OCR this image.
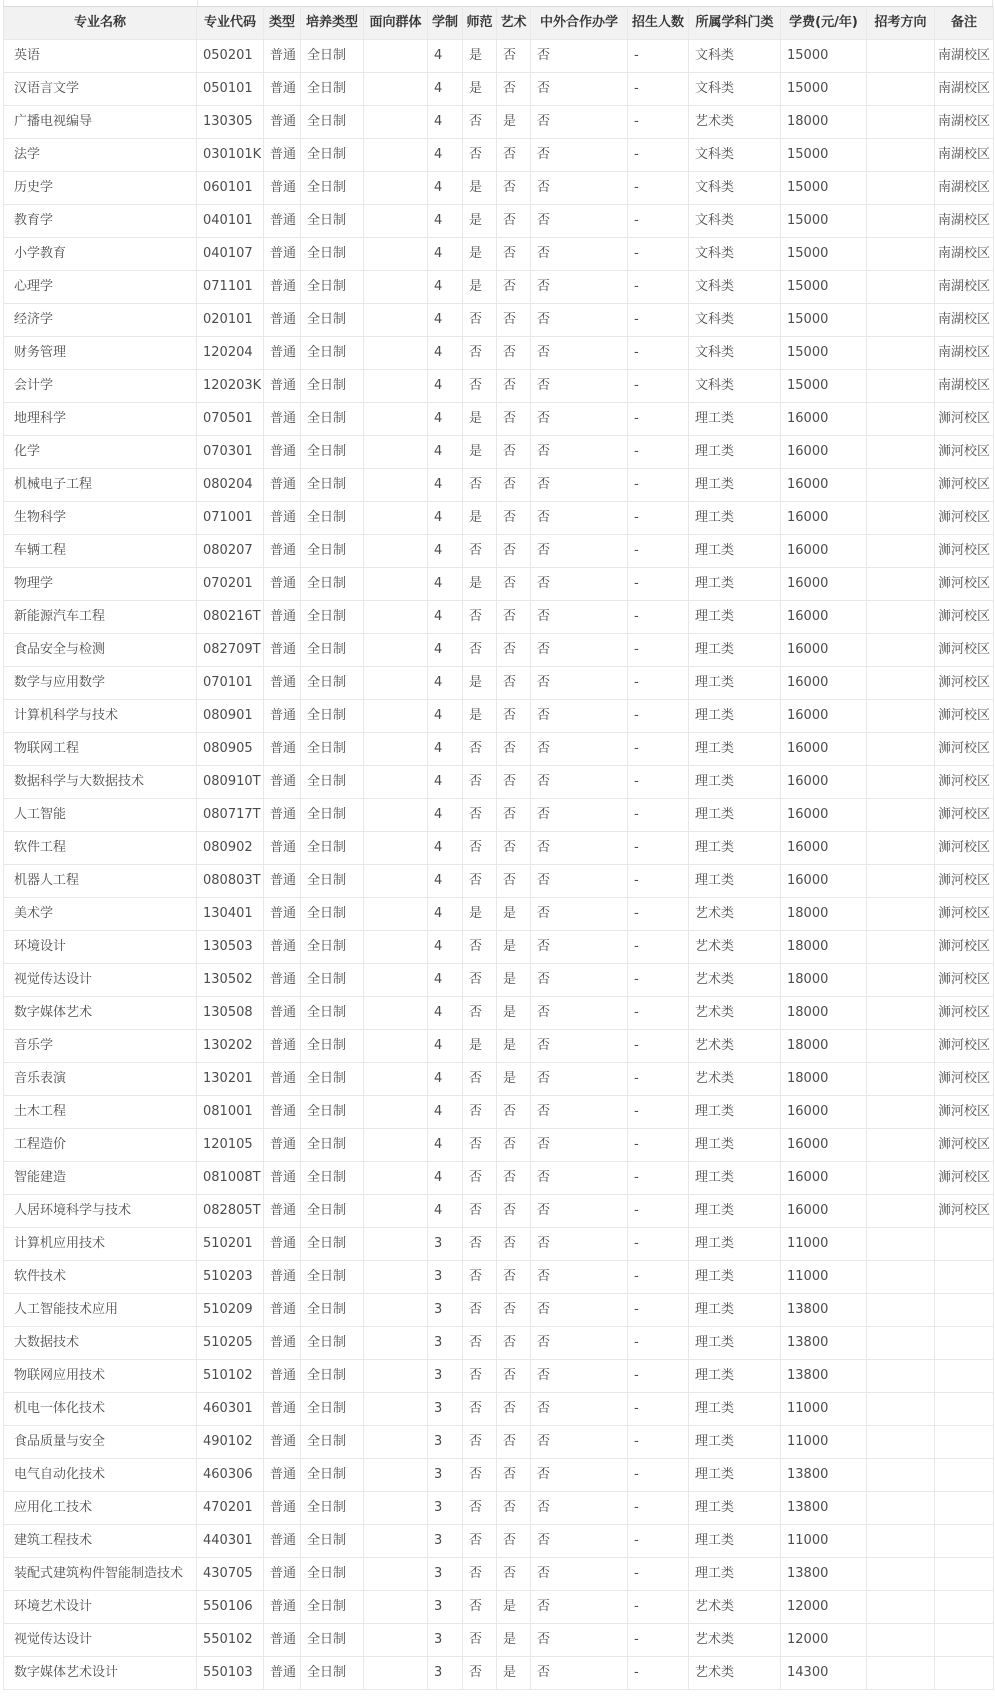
专业名称	专业代码	类型	培养类型	面向群体	学制	师范	艺术	中外合作办学	招生人数	所属学科门类	学费(元/年)	招考方向	备注
英语	050201	普通	全日制		4	是	否	否	-	文科类	15000		南湖校区
汉语言文学	050101	普通	全日制		4	是	否	否	-	文科类	15000		南湖校区
广播电视编导	130305	普通	全日制		4	否	是	否	-	艺术类	18000		南湖校区
法学	030101K	普通	全日制		4	否	否	否	-	文科类	15000		南湖校区
历史学	060101	普通	全日制		4	是	否	否	-	文科类	15000		南湖校区
教育学	040101	普通	全日制		4	是	否	否	-	文科类	15000		南湖校区
小学教育	040107	普通	全日制		4	是	否	否	-	文科类	15000		南湖校区
心理学	071101	普通	全日制		4	是	否	否	-	文科类	15000		南湖校区
经济学	020101	普通	全日制		4	否	否	否	-	文科类	15000		南湖校区
财务管理	120204	普通	全日制		4	否	否	否	-	文科类	15000		南湖校区
会计学	120203K	普通	全日制		4	否	否	否	-	文科类	15000		南湖校区
地理科学	070501	普通	全日制		4	是	否	否	-	理工类	16000		浉河校区
化学	070301	普通	全日制		4	是	否	否	-	理工类	16000		浉河校区
机械电子工程	080204	普通	全日制		4	否	否	否	-	理工类	16000		浉河校区
生物科学	071001	普通	全日制		4	是	否	否	-	理工类	16000		浉河校区
车辆工程	080207	普通	全日制		4	否	否	否	-	理工类	16000		浉河校区
物理学	070201	普通	全日制		4	是	否	否	-	理工类	16000		浉河校区
新能源汽车工程	080216T	普通	全日制		4	否	否	否	-	理工类	16000		浉河校区
食品安全与检测	082709T	普通	全日制		4	否	否	否	-	理工类	16000		浉河校区
数学与应用数学	070101	普通	全日制		4	是	否	否	-	理工类	16000		浉河校区
计算机科学与技术	080901	普通	全日制		4	是	否	否	-	理工类	16000		浉河校区
物联网工程	080905	普通	全日制		4	否	否	否	-	理工类	16000		浉河校区
数据科学与大数据技术	080910T	普通	全日制		4	否	否	否	-	理工类	16000		浉河校区
人工智能	080717T	普通	全日制		4	否	否	否	-	理工类	16000		浉河校区
软件工程	080902	普通	全日制		4	否	否	否	-	理工类	16000		浉河校区
机器人工程	080803T	普通	全日制		4	否	否	否	-	理工类	16000		浉河校区
美术学	130401	普通	全日制		4	是	是	否	-	艺术类	18000		浉河校区
环境设计	130503	普通	全日制		4	否	是	否	-	艺术类	18000		浉河校区
视觉传达设计	130502	普通	全日制		4	否	是	否	-	艺术类	18000		浉河校区
数字媒体艺术	130508	普通	全日制		4	否	是	否	-	艺术类	18000		浉河校区
音乐学	130202	普通	全日制		4	是	是	否	-	艺术类	18000		浉河校区
音乐表演	130201	普通	全日制		4	否	是	否	-	艺术类	18000		浉河校区
土木工程	081001	普通	全日制		4	否	否	否	-	理工类	16000		浉河校区
工程造价	120105	普通	全日制		4	否	否	否	-	理工类	16000		浉河校区
智能建造	081008T	普通	全日制		4	否	否	否	-	理工类	16000		浉河校区
人居环境科学与技术	082805T	普通	全日制		4	否	否	否	-	理工类	16000		浉河校区
计算机应用技术	510201	普通	全日制		3	否	否	否	-	理工类	11000		
软件技术	510203	普通	全日制		3	否	否	否	-	理工类	11000		
人工智能技术应用	510209	普通	全日制		3	否	否	否	-	理工类	13800		
大数据技术	510205	普通	全日制		3	否	否	否	-	理工类	13800		
物联网应用技术	510102	普通	全日制		3	否	否	否	-	理工类	13800		
机电一体化技术	460301	普通	全日制		3	否	否	否	-	理工类	11000		
食品质量与安全	490102	普通	全日制		3	否	否	否	-	理工类	11000		
电气自动化技术	460306	普通	全日制		3	否	否	否	-	理工类	13800		
应用化工技术	470201	普通	全日制		3	否	否	否	-	理工类	13800		
建筑工程技术	440301	普通	全日制		3	否	否	否	-	理工类	11000		
装配式建筑构件智能制造技术	430705	普通	全日制		3	否	否	否	-	理工类	13800		
环境艺术设计	550106	普通	全日制		3	否	是	否	-	艺术类	12000		
视觉传达设计	550102	普通	全日制		3	否	是	否	-	艺术类	12000		
数字媒体艺术设计	550103	普通	全日制		3	否	是	否	-	艺术类	14300		
